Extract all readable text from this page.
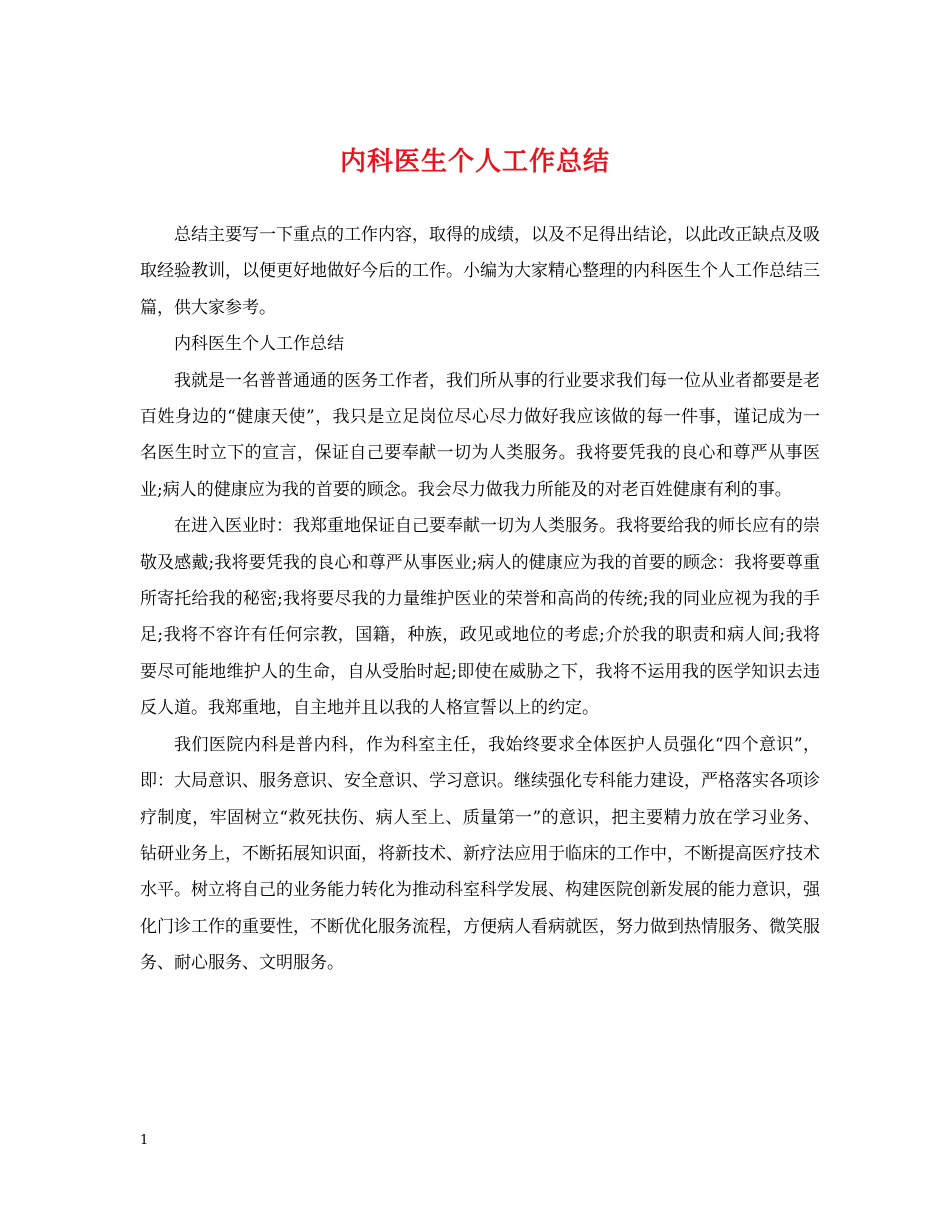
内科医生个人工作总结

总结主要写一下重点的工作内容，取得的成绩，以及不足得出结论，以此改正缺点及吸取经验教训，以便更好地做好今后的工作。小编为大家精心整理的内科医生个人工作总结三篇，供大家参考。

内科医生个人工作总结

我就是一名普普通通的医务工作者，我们所从事的行业要求我们每一位从业者都要是老百姓身边的“健康天使”，我只是立足岗位尽心尽力做好我应该做的每一件事，谨记成为一名医生时立下的宣言，保证自己要奉献一切为人类服务。我将要凭我的良心和尊严从事医业;病人的健康应为我的首要的顾念。我会尽力做我力所能及的对老百姓健康有利的事。

在进入医业时：我郑重地保证自己要奉献一切为人类服务。我将要给我的师长应有的崇敬及感戴;我将要凭我的良心和尊严从事医业;病人的健康应为我的首要的顾念：我将要尊重所寄托给我的秘密;我将要尽我的力量维护医业的荣誉和高尚的传统;我的同业应视为我的手足;我将不容许有任何宗教，国籍，种族，政见或地位的考虑;介於我的职责和病人间;我将要尽可能地维护人的生命，自从受胎时起;即使在威胁之下，我将不运用我的医学知识去违反人道。我郑重地，自主地并且以我的人格宣誓以上的约定。

我们医院内科是普内科，作为科室主任，我始终要求全体医护人员强化“四个意识”，即：大局意识、服务意识、安全意识、学习意识。继续强化专科能力建设，严格落实各项诊疗制度，牢固树立“救死扶伤、病人至上、质量第一”的意识，把主要精力放在学习业务、钻研业务上，不断拓展知识面，将新技术、新疗法应用于临床的工作中，不断提高医疗技术水平。树立将自己的业务能力转化为推动科室科学发展、构建医院创新发展的能力意识，强化门诊工作的重要性，不断优化服务流程，方便病人看病就医，努力做到热情服务、微笑服务、耐心服务、文明服务。

1
